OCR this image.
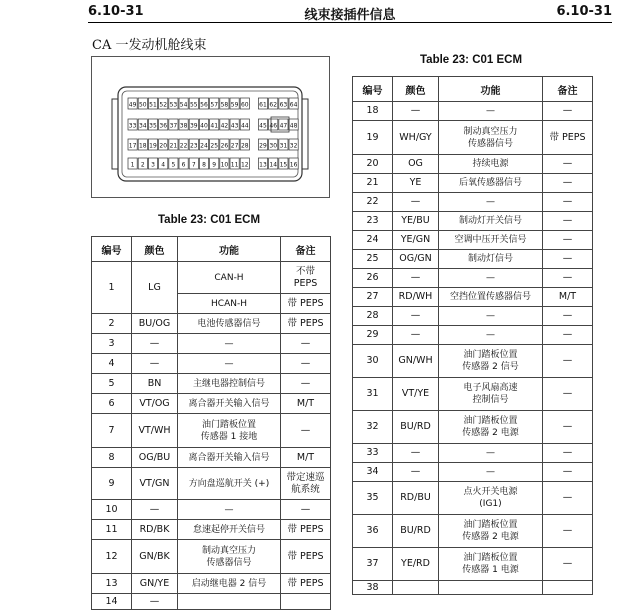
6.10-31	线束接插件信息	6.10-31
CA 一发动机舱线束
49 50 51 52 53 54 55 56 57 58 59 60 61 62 63 64
33 34 35 36 37 38 39 40 41 42 43 44 45 46 47 48
17 18 19 20 21 22 23 24 25 26 27 28 29 30 31 32
1 2 3 4 5 6 7 8 9 10 11 12 13 14 15 16
Table 23: C01 ECM
编号	颜色	功能	备注
1	LG	CAN-H	不带
PEPS
		HCAN-H	带 PEPS
2	BU/OG	电池传感器信号	带 PEPS
3	—	—	—
4	—	—	—
5	BN	主继电器控制信号	—
6	VT/OG	离合器开关输入信号	M/T
7	VT/WH	油门踏板位置
传感器 1 接地	—
8	OG/BU	离合器开关输入信号	M/T
9	VT/GN	方向盘巡航开关 (+)	带定速巡
航系统
10	—	—	—
11	RD/BK	怠速起停开关信号	带 PEPS
12	GN/BK	制动真空压力
传感器信号	带 PEPS
13	GN/YE	启动继电器 2 信号	带 PEPS
14	—		
Table 23: C01 ECM
编号	颜色	功能	备注
18	—	—	—
19	WH/GY	制动真空压力
传感器信号	带 PEPS
20	OG	持续电源	—
21	YE	后氧传感器信号	—
22	—	—	—
23	YE/BU	制动灯开关信号	—
24	YE/GN	空调中压开关信号	—
25	OG/GN	制动灯信号	—
26	—	—	—
27	RD/WH	空挡位置传感器信号	M/T
28	—	—	—
29	—	—	—
30	GN/WH	油门踏板位置
传感器 2 信号	—
31	VT/YE	电子风扇高速
控制信号	—
32	BU/RD	油门踏板位置
传感器 2 电源	—
33	—	—	—
34	—	—	—
35	RD/BU	点火开关电源
(IG1)	—
36	BU/RD	油门踏板位置
传感器 2 电源	—
37	YE/RD	油门踏板位置
传感器 1 电源	—
38			
